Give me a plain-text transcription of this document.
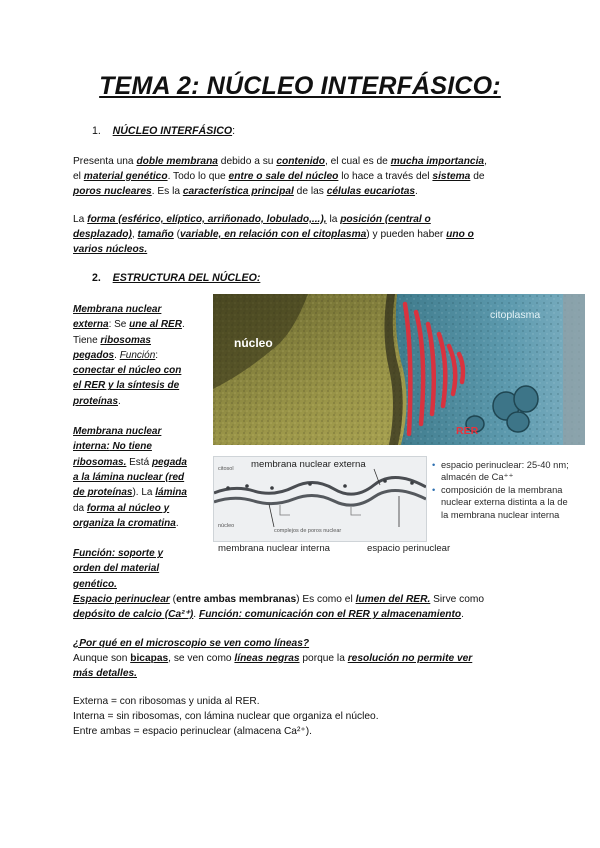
TEMA 2: NÚCLEO INTERFÁSICO:
1. NÚCLEO INTERFÁSICO:
Presenta una doble membrana debido a su contenido, el cual es de mucha importancia,
el material genético. Todo lo que entre o sale del núcleo lo hace a través del sistema de
poros nucleares. Es la característica principal de las células eucariotas.
La forma (esférico, elíptico, arriñonado, lobulado,...), la posición (central o
desplazado), tamaño (variable, en relación con el citoplasma) y pueden haber uno o
varios núcleos.
2. ESTRUCTURA DEL NÚCLEO:
Membrana nuclear
externa: Se une al RER.
Tiene ribosomas
pegados. Función:
conectar el núcleo con
el RER y la síntesis de
proteínas.
Membrana nuclear
interna: No tiene
ribosomas. Está pegada
a la lámina nuclear (red
de proteínas). La lámina
da forma al núcleo y
organiza la cromatina.
Función: soporte y
orden del material
genético.
núcleo
citoplasma
RER
citosol
núcleo
complejos de poros nuclear
membrana nuclear externa
membrana nuclear interna	espacio perinuclear
• espacio perinuclear: 25-40 nm;
almacén de Ca⁺⁺
• composición de la membrana
nuclear externa distinta a la de
la membrana nuclear interna
Espacio perinuclear (entre ambas membranas) Es como el lumen del RER. Sirve como
depósito de calcio (Ca²⁺). Función: comunicación con el RER y almacenamiento.
¿Por qué en el microscopio se ven como líneas?
Aunque son bicapas, se ven como líneas negras porque la resolución no permite ver
más detalles.
Externa = con ribosomas y unida al RER.
Interna = sin ribosomas, con lámina nuclear que organiza el núcleo.
Entre ambas = espacio perinuclear (almacena Ca²⁺).
